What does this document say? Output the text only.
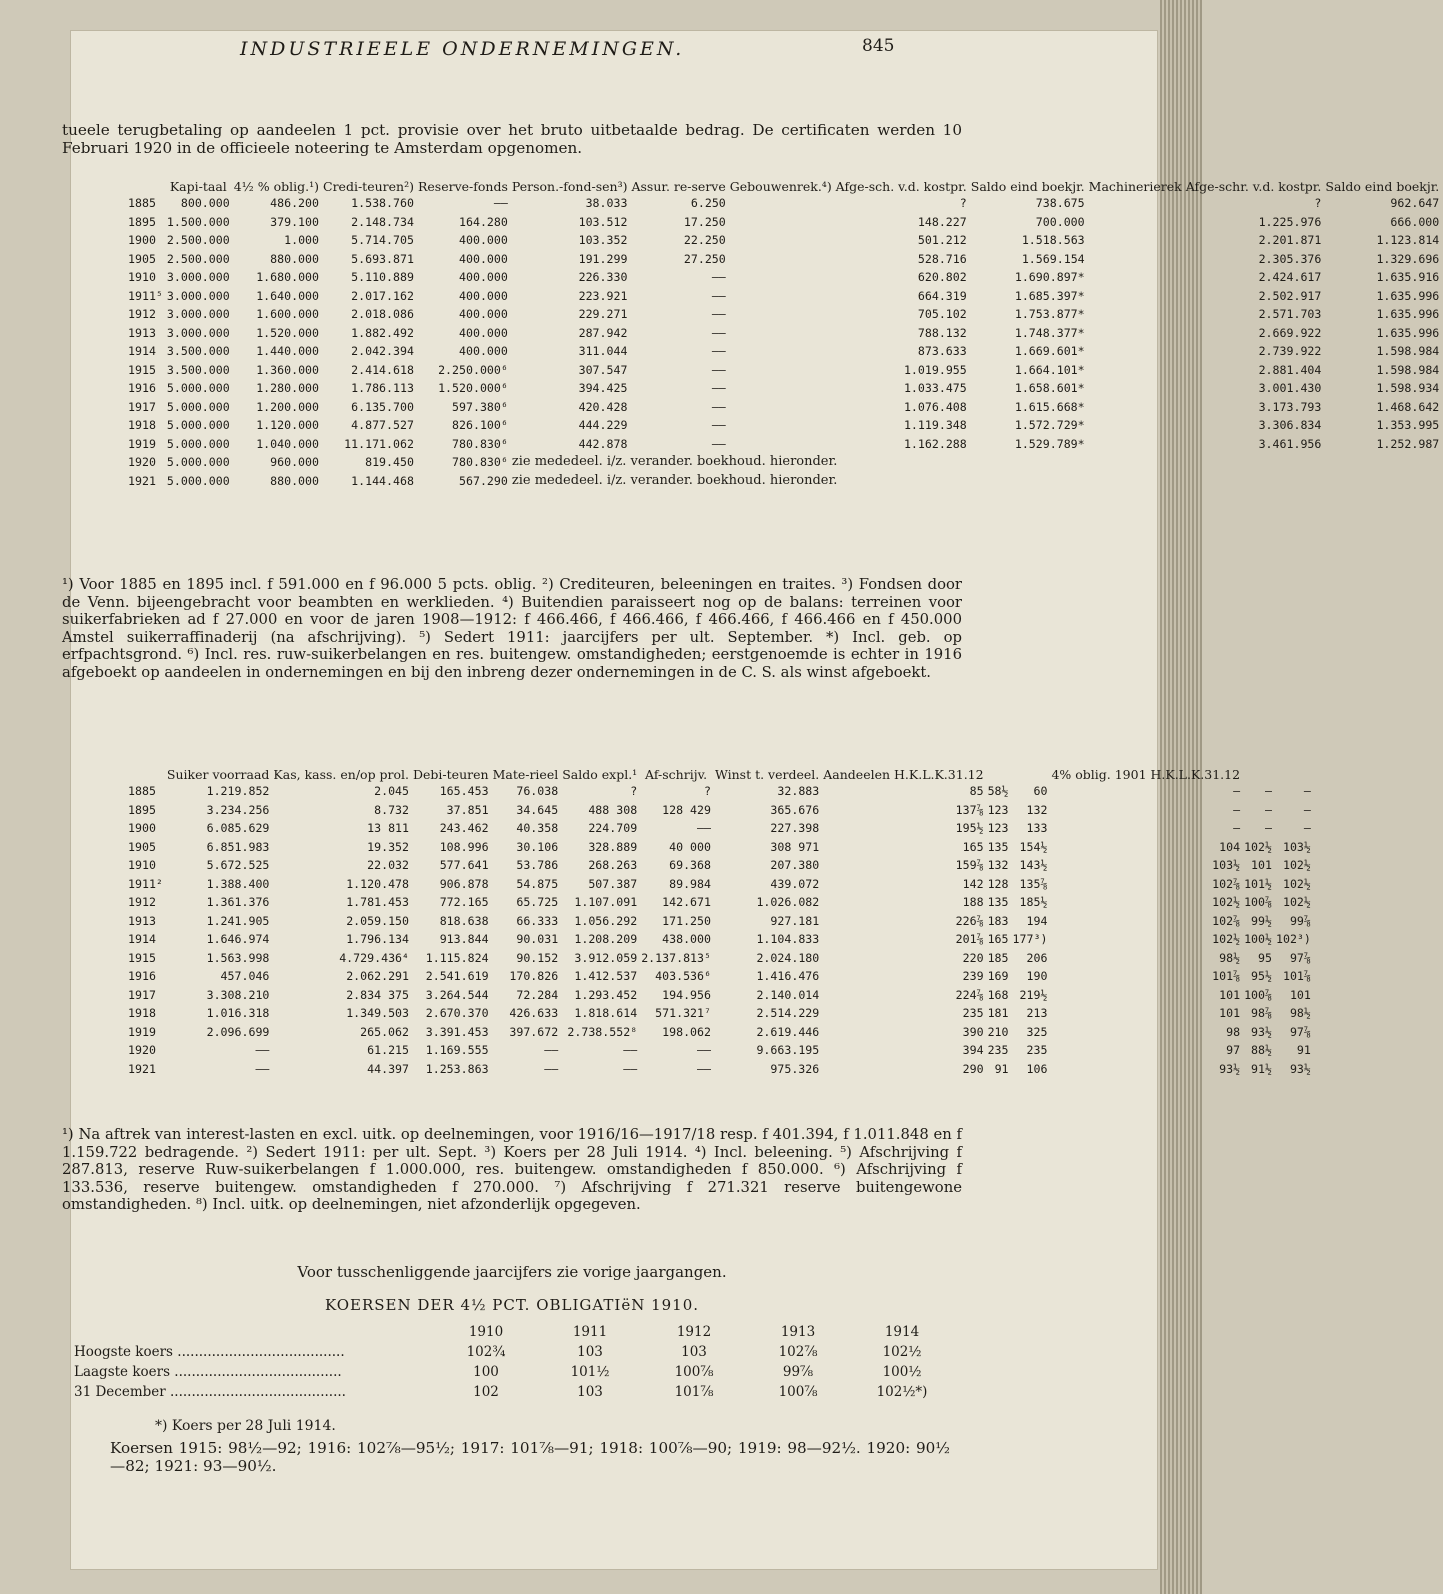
INDUSTRIEELE ONDERNEMINGEN.	845
tueele terugbetaling op aandeelen 1 pct. provisie over het bruto uitbetaalde bedrag. De certificaten werden 10 Februari 1920 in de officieele noteering te Amsterdam opgenomen.
	Kapi-taal	4½ % oblig.¹)	Credi-teuren²)	Reserve-fonds	Person.-fond-sen³)	Assur. re-serve	Gebouwenrek.⁴) Afge-sch. v.d. kostpr.	Saldo eind boekjr.	Machinerierek Afge-schr. v.d. kostpr.	Saldo eind boekjr.
1885	800.000	486.200	1.538.760	——	38.033	6.250	?	738.675	?	962.647
1895	1.500.000	379.100	2.148.734	164.280	103.512	17.250	148.227	700.000	1.225.976	666.000
1900	2.500.000	1.000	5.714.705	400.000	103.352	22.250	501.212	1.518.563	2.201.871	1.123.814
1905	2.500.000	880.000	5.693.871	400.000	191.299	27.250	528.716	1.569.154	2.305.376	1.329.696
1910	3.000.000	1.680.000	5.110.889	400.000	226.330	——	620.802	1.690.897*	2.424.617	1.635.916
1911⁵	3.000.000	1.640.000	2.017.162	400.000	223.921	——	664.319	1.685.397*	2.502.917	1.635.996
1912	3.000.000	1.600.000	2.018.086	400.000	229.271	——	705.102	1.753.877*	2.571.703	1.635.996
1913	3.000.000	1.520.000	1.882.492	400.000	287.942	——	788.132	1.748.377*	2.669.922	1.635.996
1914	3.500.000	1.440.000	2.042.394	400.000	311.044	——	873.633	1.669.601*	2.739.922	1.598.984
1915	3.500.000	1.360.000	2.414.618	2.250.000⁶	307.547	——	1.019.955	1.664.101*	2.881.404	1.598.984
1916	5.000.000	1.280.000	1.786.113	1.520.000⁶	394.425	——	1.033.475	1.658.601*	3.001.430	1.598.934
1917	5.000.000	1.200.000	6.135.700	597.380⁶	420.428	——	1.076.408	1.615.668*	3.173.793	1.468.642
1918	5.000.000	1.120.000	4.877.527	826.100⁶	444.229	——	1.119.348	1.572.729*	3.306.834	1.353.995
1919	5.000.000	1.040.000	11.171.062	780.830⁶	442.878	——	1.162.288	1.529.789*	3.461.956	1.252.987
1920	5.000.000	960.000	819.450	780.830⁶	zie mededeel. i/z. verander. boekhoud. hieronder.					
1921	5.000.000	880.000	1.144.468	567.290	zie mededeel. i/z. verander. boekhoud. hieronder.					
¹) Voor 1885 en 1895 incl. f 591.000 en f 96.000 5 pcts. oblig. ²) Crediteuren, beleeningen en traites. ³) Fondsen door de Venn. bijeengebracht voor beambten en werklieden. ⁴) Buitendien paraisseert nog op de balans: terreinen voor suikerfabrieken ad f 27.000 en voor de jaren 1908—1912: f 466.466, f 466.466, f 466.466, f 466.466 en f 450.000 Amstel suikerraffinaderij (na afschrijving). ⁵) Sedert 1911: jaarcijfers per ult. September. *) Incl. geb. op erfpachtsgrond. ⁶) Incl. res. ruw-suikerbelangen en res. buitengew. omstandigheden; eerstgenoemde is echter in 1916 afgeboekt op aandeelen in ondernemingen en bij den inbreng dezer ondernemingen in de C. S. als winst afgeboekt.
	Suiker voorraad	Kas, kass. en/op prol.	Debi-teuren	Mate-rieel	Saldo expl.¹	Af-schrijv.	Winst t. verdeel.	Aandeelen H.K.L.K.31.12			4% oblig. 1901 H.K.L.K.31.12		
1885	1.219.852	2.045	165.453	76.038	?	?	32.883	85	58½	60	—	—	—
1895	3.234.256	8.732	37.851	34.645	488 308	128 429	365.676	137⅞	123	132	—	—	—
1900	6.085.629	13 811	243.462	40.358	224.709	——	227.398	195½	123	133	—	—	—
1905	6.851.983	19.352	108.996	30.106	328.889	40 000	308 971	165	135	154½	104	102½	103½
1910	5.672.525	22.032	577.641	53.786	268.263	69.368	207.380	159⅞	132	143½	103½	101	102½
1911²	1.388.400	1.120.478	906.878	54.875	507.387	89.984	439.072	142	128	135⅞	102⅞	101½	102½
1912	1.361.376	1.781.453	772.165	65.725	1.107.091	142.671	1.026.082	188	135	185½	102½	100⅞	102½
1913	1.241.905	2.059.150	818.638	66.333	1.056.292	171.250	927.181	226⅞	183	194	102⅞	99½	99⅞
1914	1.646.974	1.796.134	913.844	90.031	1.208.209	438.000	1.104.833	201⅞	165	177³)	102½	100½	102³)
1915	1.563.998	4.729.436⁴	1.115.824	90.152	3.912.059	2.137.813⁵	2.024.180	220	185	206	98½	95	97⅞
1916	457.046	2.062.291	2.541.619	170.826	1.412.537	403.536⁶	1.416.476	239	169	190	101⅞	95½	101⅞
1917	3.308.210	2.834 375	3.264.544	72.284	1.293.452	194.956	2.140.014	224⅞	168	219½	101	100⅞	101
1918	1.016.318	1.349.503	2.670.370	426.633	1.818.614	571.321⁷	2.514.229	235	181	213	101	98⅞	98½
1919	2.096.699	265.062	3.391.453	397.672	2.738.552⁸	198.062	2.619.446	390	210	325	98	93½	97⅞
1920	——	61.215	1.169.555	——	——	——	9.663.195	394	235	235	97	88½	91
1921	——	44.397	1.253.863	——	——	——	975.326	290	91	106	93½	91½	93½
¹) Na aftrek van interest-lasten en excl. uitk. op deelnemingen, voor 1916/16—1917/18 resp. f 401.394, f 1.011.848 en f 1.159.722 bedragende. ²) Sedert 1911: per ult. Sept. ³) Koers per 28 Juli 1914. ⁴) Incl. beleening. ⁵) Afschrijving f 287.813, reserve Ruw-suikerbelangen f 1.000.000, res. buitengew. omstandigheden f 850.000. ⁶) Afschrijving f 133.536, reserve buitengew. omstandigheden f 270.000. ⁷) Afschrijving f 271.321 reserve buitengewone omstandigheden. ⁸) Incl. uitk. op deelnemingen, niet afzonderlijk opgegeven.
Voor tusschenliggende jaarcijfers zie vorige jaargangen.
KOERSEN DER 4½ PCT. OBLIGATIëN 1910.
	1910	1911	1912	1913	1914
Hoogste koers .......................................	102¾	103	103	102⅞	102½
Laagste koers .......................................	100	101½	100⅞	99⅞	100½
31 December .........................................	102	103	101⅞	100⅞	102½*)
*) Koers per 28 Juli 1914.
Koersen 1915: 98½—92; 1916: 102⅞—95½; 1917: 101⅞—91; 1918: 100⅞—90; 1919: 98—92½. 1920: 90½—82; 1921: 93—90½.
